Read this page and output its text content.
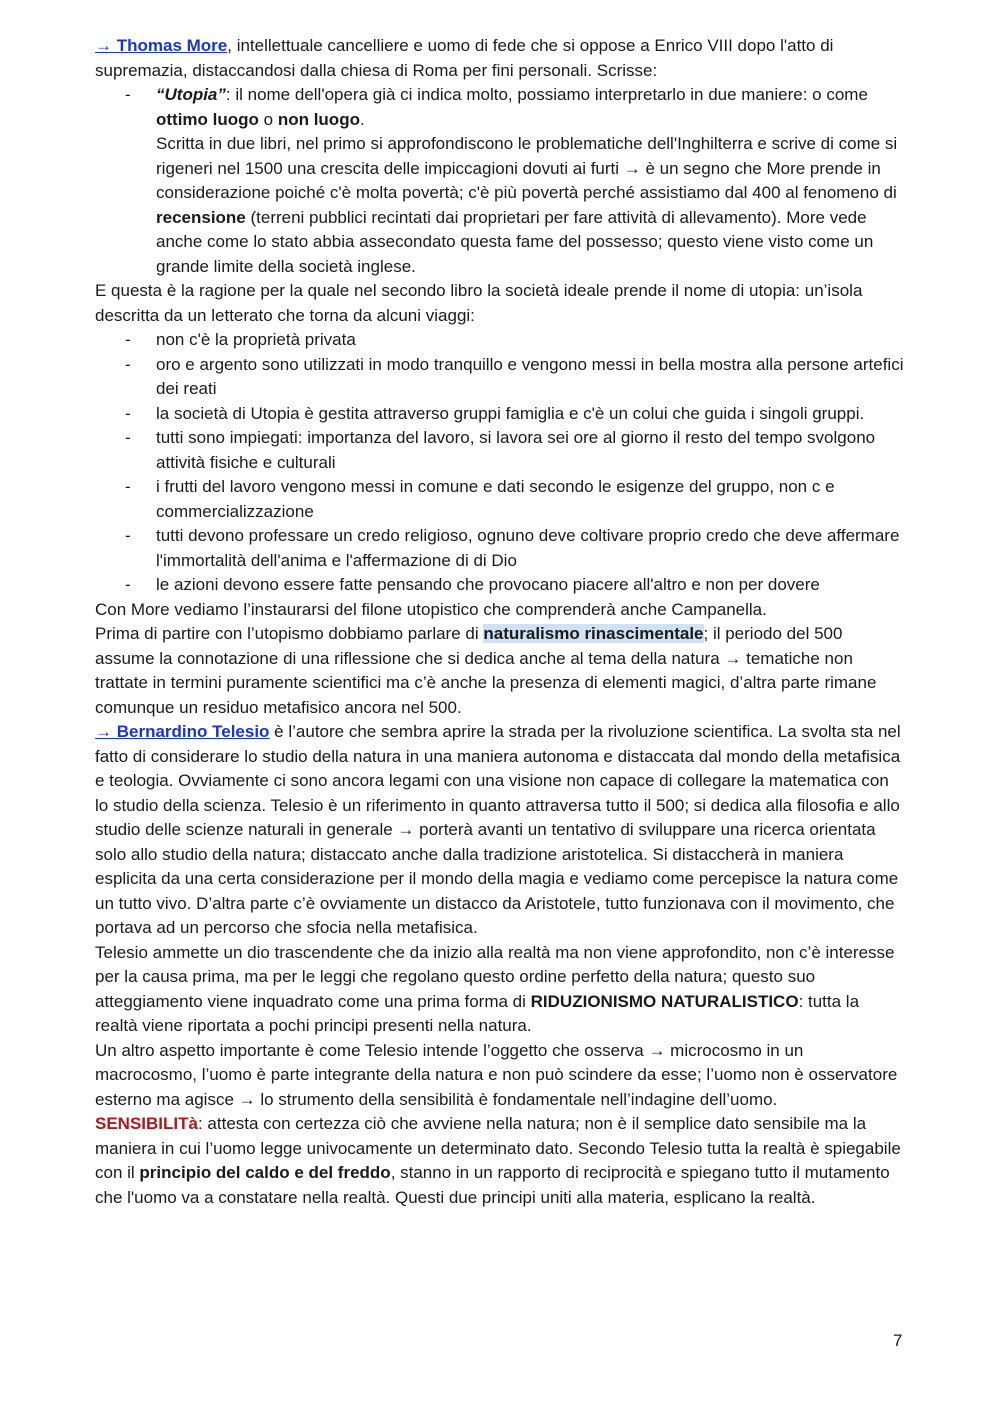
→ Thomas More, intellettuale cancelliere e uomo di fede che si oppose a Enrico VIII dopo l'atto di supremazia, distaccandosi dalla chiesa di Roma per fini personali. Scrisse:

- “Utopia”: il nome dell'opera già ci indica molto, possiamo interpretarlo in due maniere: o come ottimo luogo o non luogo.

Scritta in due libri, nel primo si approfondiscono le problematiche dell'Inghilterra e scrive di come si rigeneri nel 1500 una crescita delle impiccagioni dovuti ai furti → è un segno che More prende in considerazione poiché c'è molta povertà; c'è più povertà perché assistiamo dal 400 al fenomeno di recensione (terreni pubblici recintati dai proprietari per fare attività di allevamento). More vede anche come lo stato abbia assecondato questa fame del possesso; questo viene visto come un grande limite della società inglese.

E questa è la ragione per la quale nel secondo libro la società ideale prende il nome di utopia: un’isola descritta da un letterato che torna da alcuni viaggi:

- non c'è la proprietà privata
- oro e argento sono utilizzati in modo tranquillo e vengono messi in bella mostra alla persone artefici dei reati
- la società di Utopia è gestita attraverso gruppi famiglia e c'è un colui che guida i singoli gruppi.
- tutti sono impiegati: importanza del lavoro, si lavora sei ore al giorno il resto del tempo svolgono attività fisiche e culturali
- i frutti del lavoro vengono messi in comune e dati secondo le esigenze del gruppo, non c e commercializzazione
- tutti devono professare un credo religioso, ognuno deve coltivare proprio credo che deve affermare l'immortalità dell'anima e l'affermazione di di Dio
- le azioni devono essere fatte pensando che provocano piacere all'altro e non per dovere

Con More vediamo l’instaurarsi del filone utopistico che comprenderà anche Campanella.

Prima di partire con l’utopismo dobbiamo parlare di naturalismo rinascimentale; il periodo del 500 assume la connotazione di una riflessione che si dedica anche al tema della natura → tematiche non trattate in termini puramente scientifici ma c’è anche la presenza di elementi magici, d’altra parte rimane comunque un residuo metafisico ancora nel 500.

→ Bernardino Telesio è l’autore che sembra aprire la strada per la rivoluzione scientifica. La svolta sta nel fatto di considerare lo studio della natura in una maniera autonoma e distaccata dal mondo della metafisica e teologia. Ovviamente ci sono ancora legami con una visione non capace di collegare la matematica con lo studio della scienza. Telesio è un riferimento in quanto attraversa tutto il 500; si dedica alla filosofia e allo studio delle scienze naturali in generale → porterà avanti un tentativo di sviluppare una ricerca orientata solo allo studio della natura; distaccato anche dalla tradizione aristotelica. Si distaccherà in maniera esplicita da una certa considerazione per il mondo della magia e vediamo come percepisce la natura come un tutto vivo. D’altra parte c’è ovviamente un distacco da Aristotele, tutto funzionava con il movimento, che portava ad un percorso che sfocia nella metafisica.

Telesio ammette un dio trascendente che da inizio alla realtà ma non viene approfondito, non c’è interesse per la causa prima, ma per le leggi che regolano questo ordine perfetto della natura; questo suo atteggiamento viene inquadrato come una prima forma di RIDUZIONISMO NATURALISTICO: tutta la realtà viene riportata a pochi principi presenti nella natura.

Un altro aspetto importante è come Telesio intende l’oggetto che osserva → microcosmo in un macrocosmo, l’uomo è parte integrante della natura e non può scindere da esse; l’uomo non è osservatore esterno ma agisce → lo strumento della sensibilità è fondamentale nell’indagine dell’uomo.

SENSIBILITà: attesta con certezza ciò che avviene nella natura; non è il semplice dato sensibile ma la maniera in cui l’uomo legge univocamente un determinato dato. Secondo Telesio tutta la realtà è spiegabile con il principio del caldo e del freddo, stanno in un rapporto di reciprocità e spiegano tutto il mutamento che l'uomo va a constatare nella realtà. Questi due principi uniti alla materia, esplicano la realtà.

7
